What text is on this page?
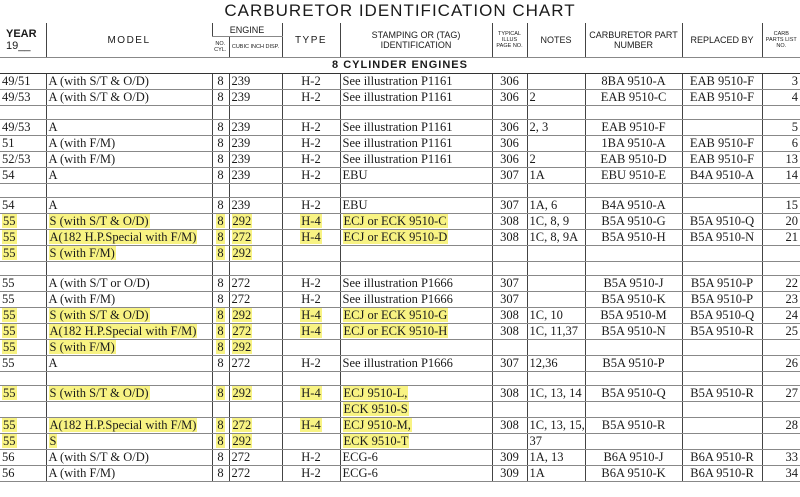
CARBURETOR IDENTIFICATION CHART
YEAR
19__	MODEL	ENGINE		TYPE	STAMPING OR (TAG) IDENTIFICATION	TYPICAL ILLUS PAGE NO.	NOTES	CARBURETOR PART NUMBER	REPLACED BY	CARB PARTS LIST NO.
		NO. CYL.	CUBIC INCH DISP.							
8 CYLINDER ENGINES										
49/51	A (with S/T & O/D)	8	239	H-2	See illustration P1161	306		8BA 9510-A	EAB 9510-F	3
49/53	A (with S/T & O/D)	8	239	H-2	See illustration P1161	306	2	EAB 9510-C	EAB 9510-F	4

49/53	A	8	239	H-2	See illustration P1161	306	2, 3	EAB 9510-F		5
51	A (with F/M)	8	239	H-2	See illustration P1161	306		1BA 9510-A	EAB 9510-F	6
52/53	A (with F/M)	8	239	H-2	See illustration P1161	306	2	EAB 9510-D	EAB 9510-F	13
54	A	8	239	H-2	EBU	307	1A	EBU 9510-E	B4A 9510-A	14

54	A	8	239	H-2	EBU	307	1A, 6	B4A 9510-A		15
55	S (with S/T & O/D)	8	292	H-4	ECJ or ECK 9510-C	308	1C, 8, 9	B5A 9510-G	B5A 9510-Q	20
55	A(182 H.P.Special with F/M)	8	272	H-4	ECJ or ECK 9510-D	308	1C, 8, 9A	B5A 9510-H	B5A 9510-N	21
55	S (with F/M)	8	292							

55	A (with S/T or O/D)	8	272	H-2	See illustration P1666	307		B5A 9510-J	B5A 9510-P	22
55	A (with F/M)	8	272	H-2	See illustration P1666	307		B5A 9510-K	B5A 9510-P	23
55	S (with S/T & O/D)	8	292	H-4	ECJ or ECK 9510-G	308	1C, 10	B5A 9510-M	B5A 9510-Q	24
55	A(182 H.P.Special with F/M)	8	272	H-4	ECJ or ECK 9510-H	308	1C, 11,37	B5A 9510-N	B5A 9510-R	25
55	S (with F/M)	8	292							
55	A	8	272	H-2	See illustration P1666	307	12,36	B5A 9510-P		26

55	S (with S/T & O/D)	8	292	H-4	ECJ 9510-L,	308	1C, 13, 14	B5A 9510-Q	B5A 9510-R	27
					ECK 9510-S					
55	A(182 H.P.Special with F/M)	8	272	H-4	ECJ 9510-M,	308	1C, 13, 15,	B5A 9510-R		28
55	S	8	292		ECK 9510-T		37			
56	A (with S/T & O/D)	8	272	H-2	ECG-6	309	1A, 13	B6A 9510-J	B6A 9510-R	33
56	A (with F/M)	8	272	H-2	ECG-6	309	1A	B6A 9510-K	B6A 9510-R	34
